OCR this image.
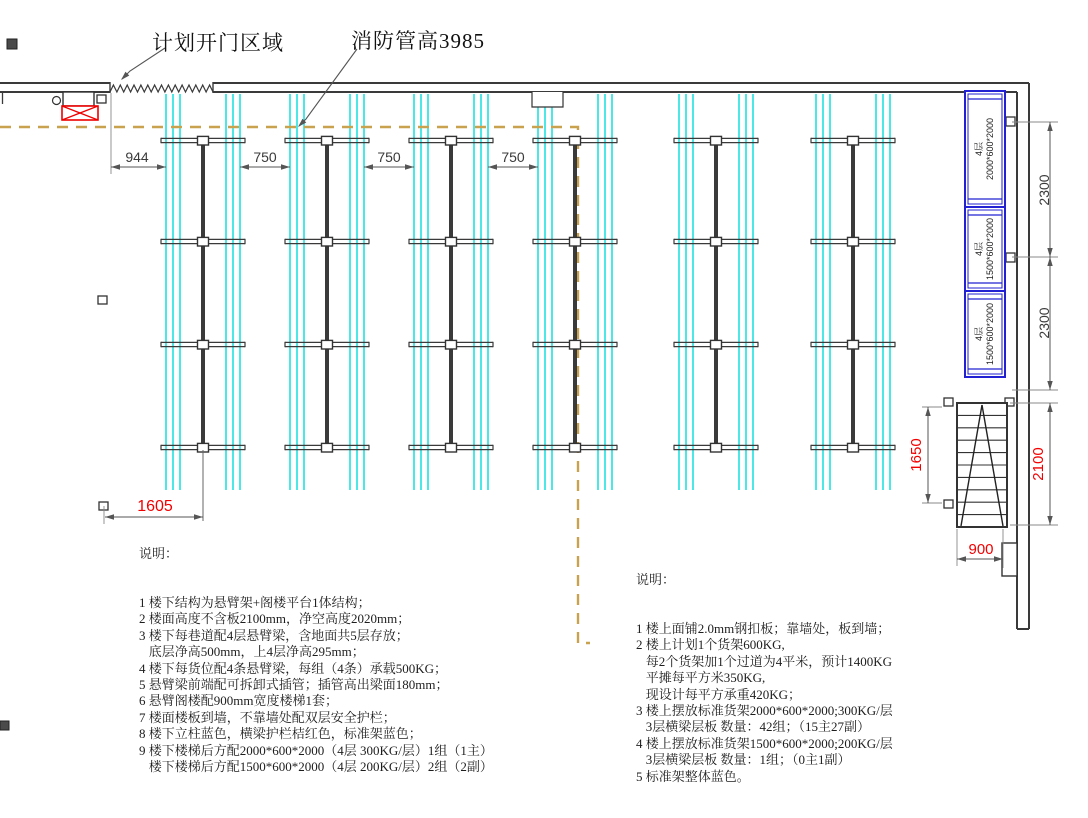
计划开门区域	消防管高3985
944	750	750	750
1605
900
2300
2300
2100
1650
4层 2000*600*2000
4层 1500*600*2000
4层 1500*600*2000

说明：

1 楼下结构为悬臂架+阁楼平台1体结构；
2 楼面高度不含板2100mm，净空高度2020mm；
3 楼下每巷道配4层悬臂梁，含地面共5层存放；
底层净高500mm，上4层净高295mm；
4 楼下每货位配4条悬臂梁，每组（4条）承载500KG；
5 悬臂梁前端配可拆卸式插管；插管高出梁面180mm；
6 悬臂阁楼配900mm宽度楼梯1套；
7 楼面楼板到墙，不靠墙处配双层安全护栏；
8 楼下立柱蓝色，横梁护栏桔红色，标准架蓝色；
9 楼下楼梯后方配2000*600*2000（4层 300KG/层）1组（1主）
楼下楼梯后方配1500*600*2000（4层 200KG/层）2组（2副）

说明：

1 楼上面铺2.0mm钢扣板；靠墙处，板到墙；
2 楼上计划1个货架600KG,
每2个货架加1个过道为4平米，预计1400KG
平摊每平方米350KG,
现设计每平方承重420KG；
3 楼上摆放标准货架2000*600*2000;300KG/层
3层横梁层板 数量：42组；（15主27副）
4 楼上摆放标准货架1500*600*2000;200KG/层
3层横梁层板 数量：1组；（0主1副）
5 标准架整体蓝色。
